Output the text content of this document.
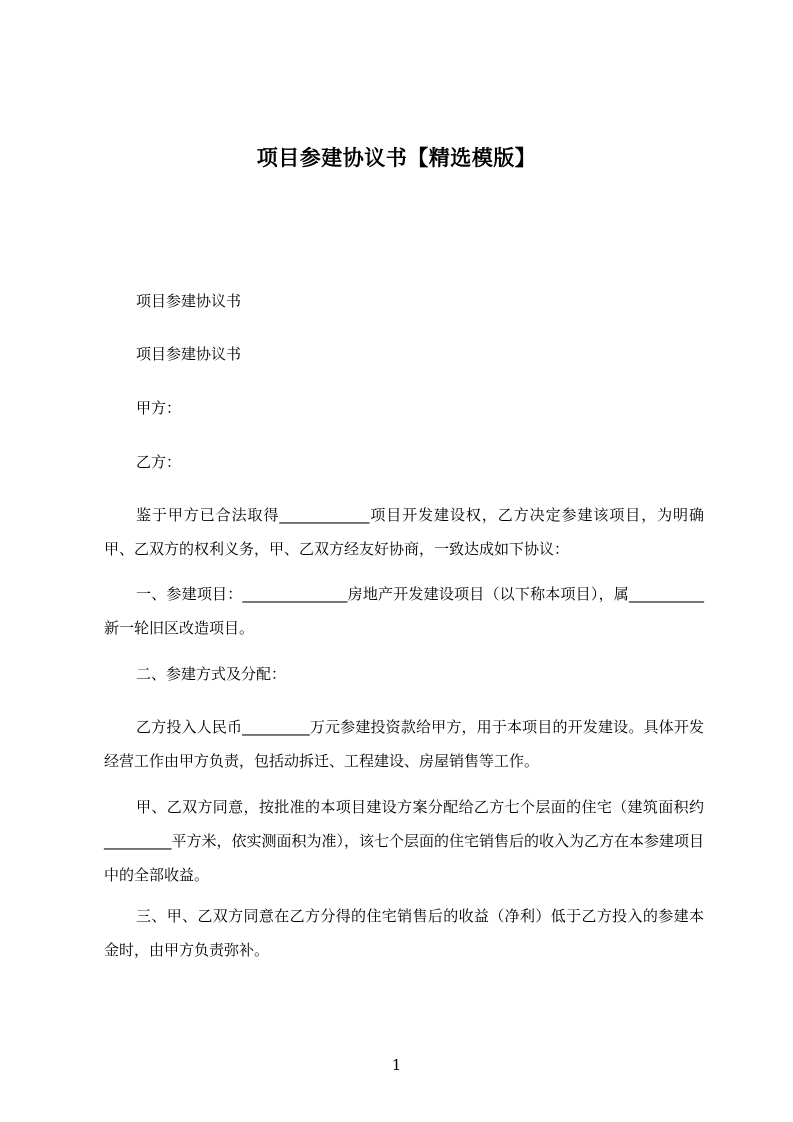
项目参建协议书【精选模版】
项目参建协议书
项目参建协议书
甲方：
乙方：

鉴于甲方已合法取得____________项目开发建设权，乙方决定参建该项目，为明确甲、乙双方的权利义务，甲、乙双方经友好协商，一致达成如下协议：

一、参建项目：______________房地产开发建设项目（以下称本项目），属__________新一轮旧区改造项目。

二、参建方式及分配：

乙方投入人民币_________万元参建投资款给甲方，用于本项目的开发建设。具体开发经营工作由甲方负责，包括动拆迁、工程建设、房屋销售等工作。

甲、乙双方同意，按批准的本项目建设方案分配给乙方七个层面的住宅（建筑面积约_________平方米，依实测面积为准），该七个层面的住宅销售后的收入为乙方在本参建项目中的全部收益。

三、甲、乙双方同意在乙方分得的住宅销售后的收益（净利）低于乙方投入的参建本金时，由甲方负责弥补。

1
